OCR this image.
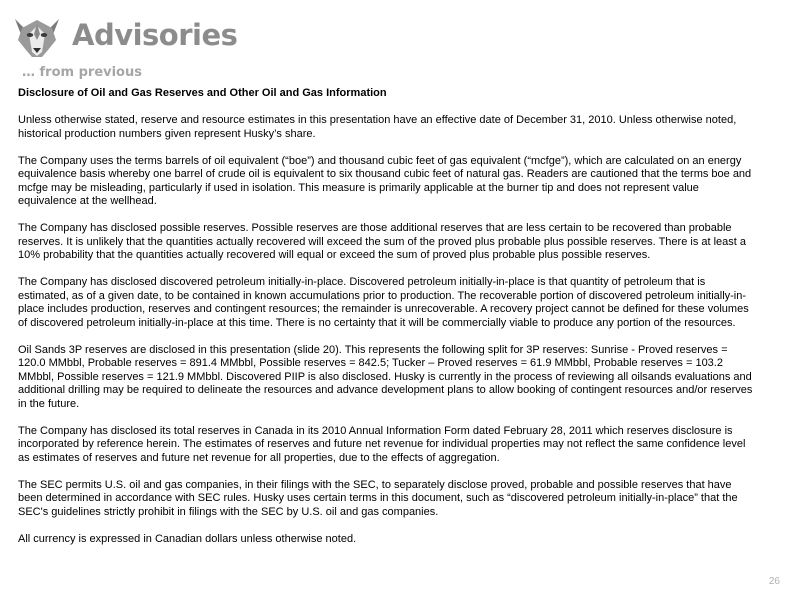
Advisories
… from previous

Disclosure of Oil and Gas Reserves and Other Oil and Gas Information

Unless otherwise stated, reserve and resource estimates in this presentation have an effective date of December 31, 2010. Unless otherwise noted, historical production numbers given represent Husky’s share.

The Company uses the terms barrels of oil equivalent (“boe”) and thousand cubic feet of gas equivalent (“mcfge”), which are calculated on an energy equivalence basis whereby one barrel of crude oil is equivalent to six thousand cubic feet of natural gas. Readers are cautioned that the terms boe and mcfge may be misleading, particularly if used in isolation. This measure is primarily applicable at the burner tip and does not represent value equivalence at the wellhead.

The Company has disclosed possible reserves. Possible reserves are those additional reserves that are less certain to be recovered than probable reserves. It is unlikely that the quantities actually recovered will exceed the sum of the proved plus probable plus possible reserves. There is at least a 10% probability that the quantities actually recovered will equal or exceed the sum of proved plus probable plus possible reserves.

The Company has disclosed discovered petroleum initially-in-place. Discovered petroleum initially-in-place is that quantity of petroleum that is estimated, as of a given date, to be contained in known accumulations prior to production. The recoverable portion of discovered petroleum initially-in-place includes production, reserves and contingent resources; the remainder is unrecoverable. A recovery project cannot be defined for these volumes of discovered petroleum initially-in-place at this time. There is no certainty that it will be commercially viable to produce any portion of the resources.

Oil Sands 3P reserves are disclosed in this presentation (slide 20). This represents the following split for 3P reserves: Sunrise - Proved reserves = 120.0 MMbbl, Probable reserves = 891.4 MMbbl, Possible reserves = 842.5; Tucker – Proved reserves = 61.9 MMbbl, Probable reserves = 103.2 MMbbl, Possible reserves = 121.9 MMbbl. Discovered PIIP is also disclosed. Husky is currently in the process of reviewing all oilsands evaluations and additional drilling may be required to delineate the resources and advance development plans to allow booking of contingent resources and/or reserves in the future.

The Company has disclosed its total reserves in Canada in its 2010 Annual Information Form dated February 28, 2011 which reserves disclosure is incorporated by reference herein. The estimates of reserves and future net revenue for individual properties may not reflect the same confidence level as estimates of reserves and future net revenue for all properties, due to the effects of aggregation.

The SEC permits U.S. oil and gas companies, in their filings with the SEC, to separately disclose proved, probable and possible reserves that have been determined in accordance with SEC rules. Husky uses certain terms in this document, such as “discovered petroleum initially-in-place” that the SEC's guidelines strictly prohibit in filings with the SEC by U.S. oil and gas companies.

All currency is expressed in Canadian dollars unless otherwise noted.

26
